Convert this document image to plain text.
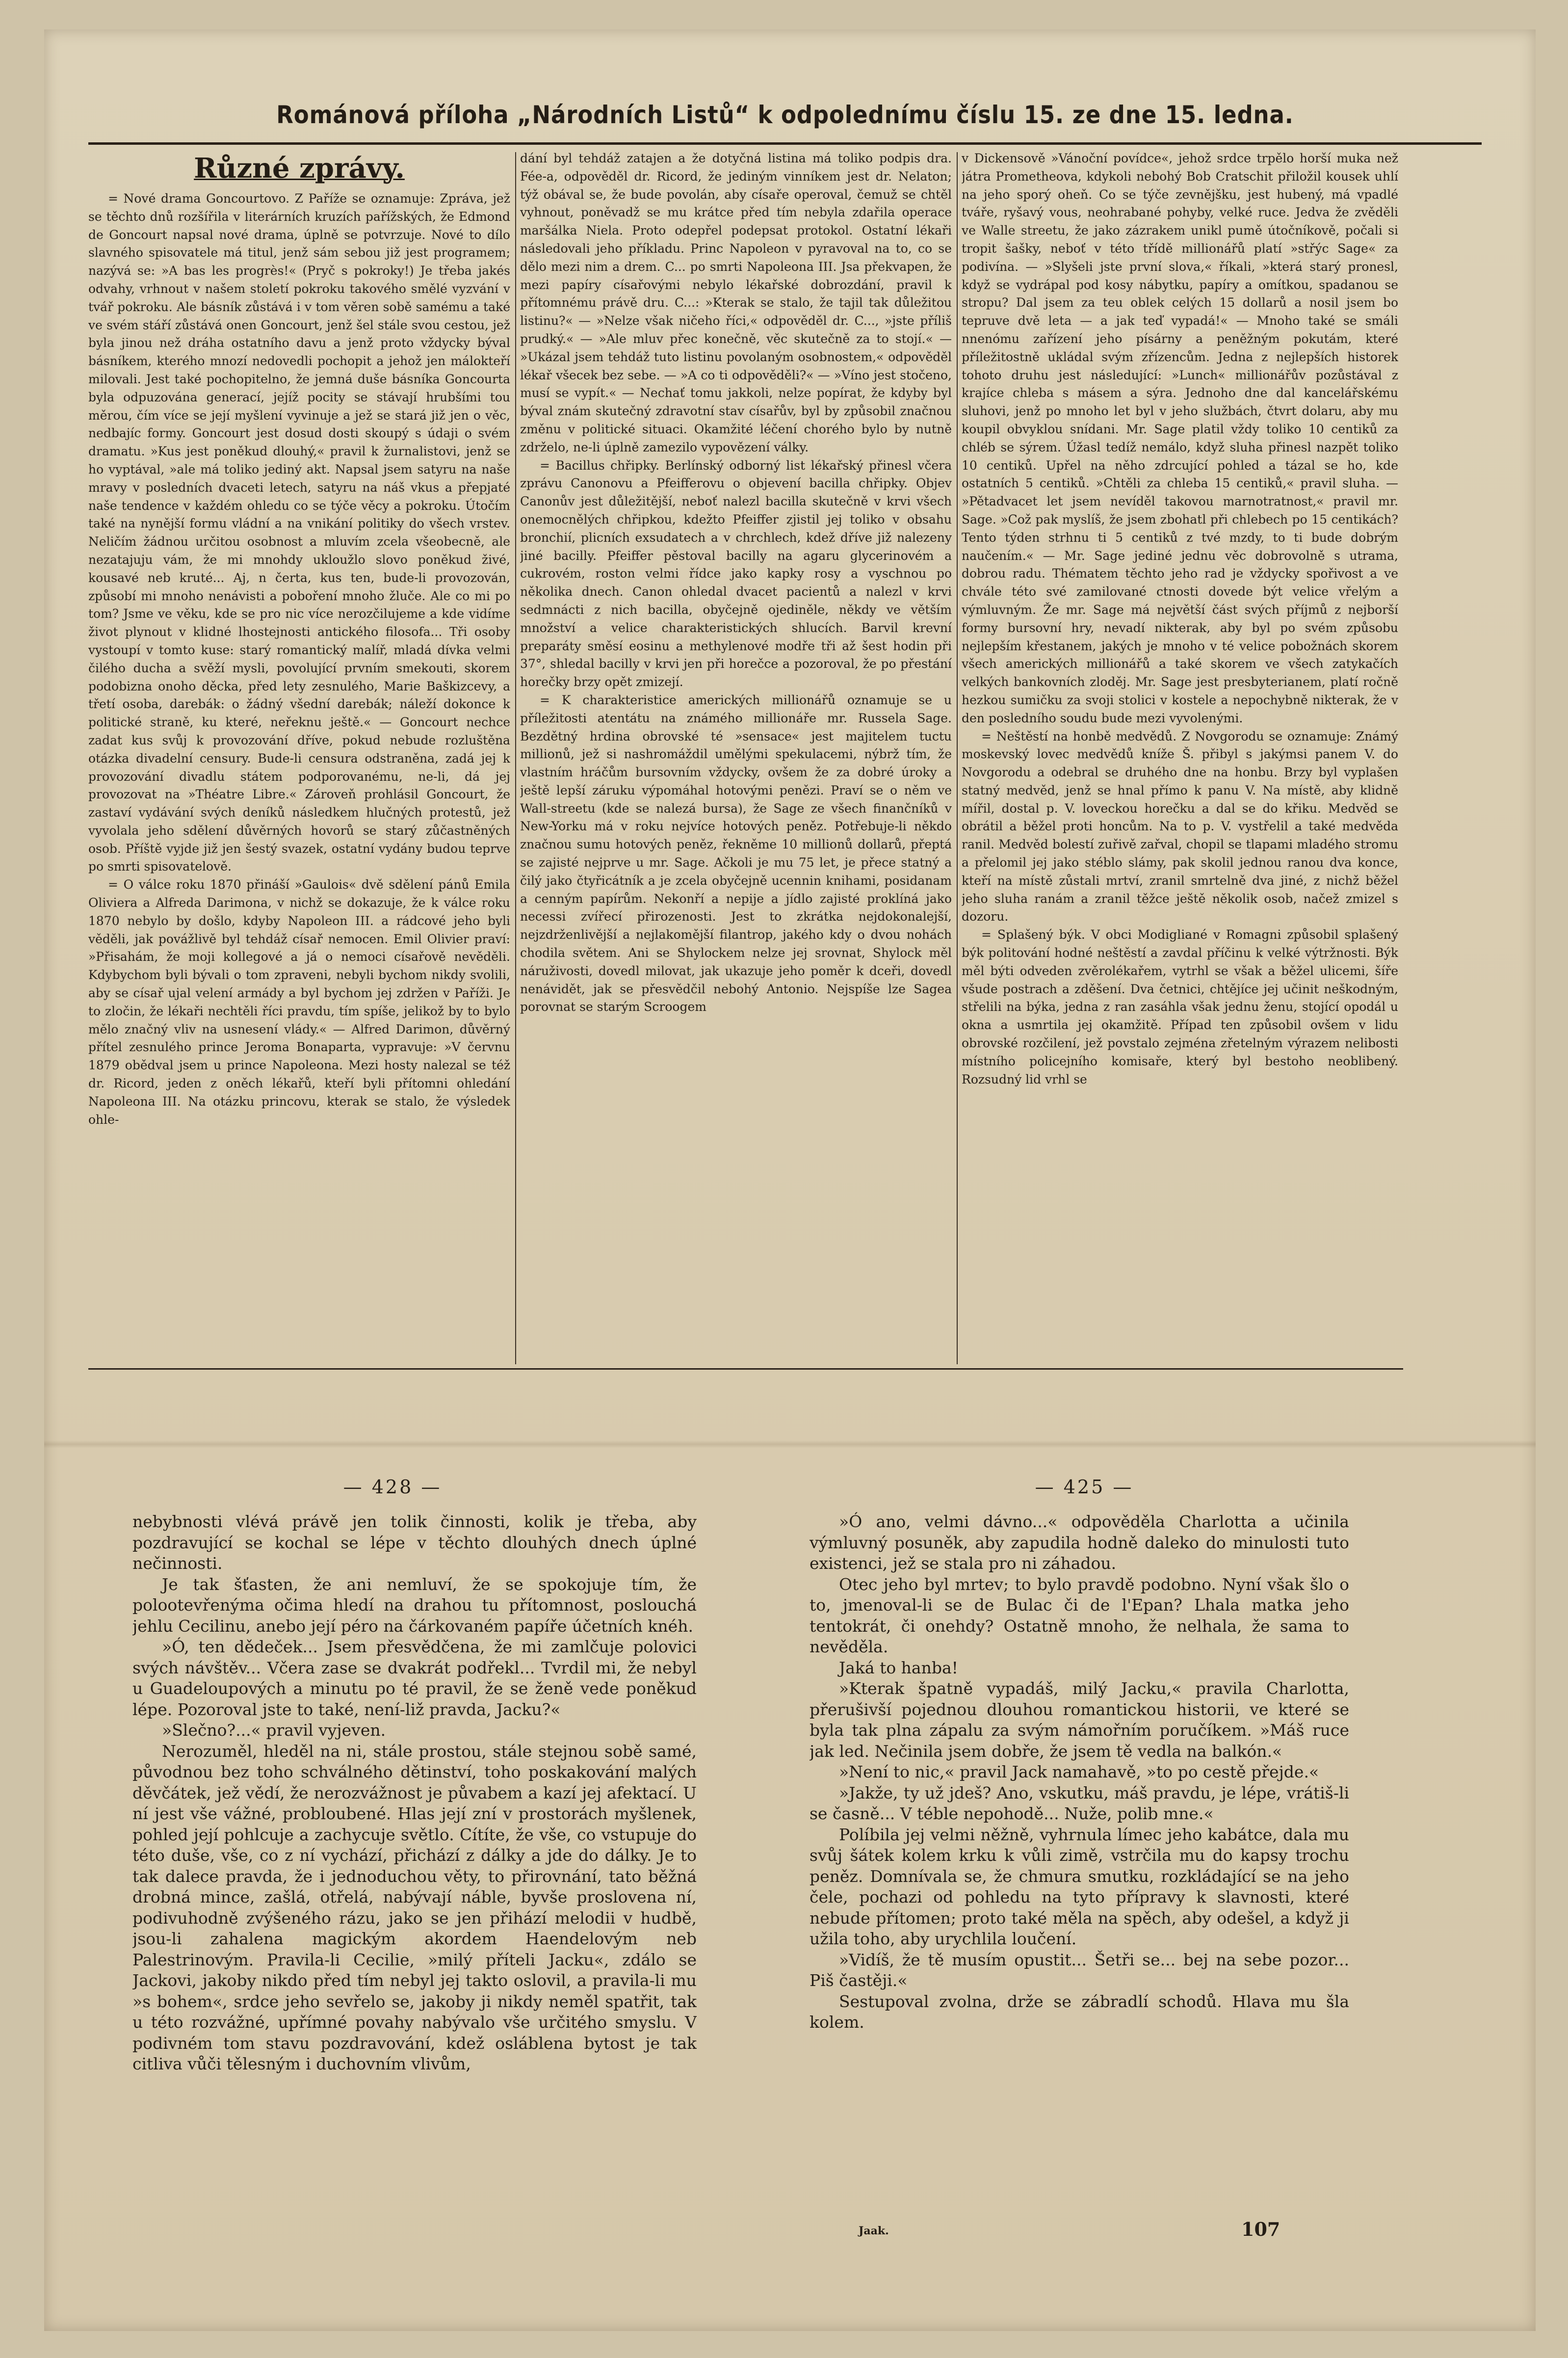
Románová příloha „Národních Listů“ k odpolednímu číslu 15. ze dne 15. ledna.
Různé zprávy.

= Nové drama Goncourtovo. Z Paříže se oznamuje: Zpráva, jež se těchto dnů rozšířila v literárních kruzích pařížských, že Edmond de Goncourt napsal nové drama, úplně se potvrzuje. Nové to dílo slavného spisovatele má titul, jenž sám sebou již jest programem; nazývá se: »A bas les progrès!« (Pryč s pokroky!) Je třeba jakés odvahy, vrhnout v našem století pokroku takového smělé vyzvání v tvář pokroku. Ale básník zůstává i v tom věren sobě samému a také ve svém stáří zůstává onen Goncourt, jenž šel stále svou cestou, jež byla jinou než dráha ostatního davu a jenž proto vždycky býval básníkem, kterého mnozí nedovedli pochopit a jehož jen málokteří milovali. Jest také pochopitelno, že jemná duše básníka Goncourta byla odpuzována generací, jejíž pocity se stávají hrubšími tou měrou, čím více se její myšlení vyvinuje a jež se stará již jen o věc, nedbajíc formy. Goncourt jest dosud dosti skoupý s údaji o svém dramatu. »Kus jest poněkud dlouhý,« pravil k žurnalistovi, jenž se ho vyptával, »ale má toliko jediný akt. Napsal jsem satyru na naše mravy v posledních dvaceti letech, satyru na náš vkus a přepjaté naše tendence v každém ohledu co se týče věcy a pokroku. Útočím také na nynější formu vládní a na vnikání politiky do všech vrstev. Neličím žádnou určitou osobnost a mluvím zcela všeobecně, ale nezatajuju vám, že mi mnohdy ukloužlo slovo poněkud živé, kousavé neb kruté... Aj, n čerta, kus ten, bude-li provozován, způsobí mi mnoho nenávisti a poboření mnoho žluče. Ale co mi po tom? Jsme ve věku, kde se pro nic více nerozčilujeme a kde vidíme život plynout v klidné lhostejnosti antického filosofa... Tři osoby vystoupí v tomto kuse: starý romantický malíř, mladá dívka velmi čilého ducha a svěží mysli, povolující prvním smekouti, skorem podobizna onoho děcka, před lety zesnulého, Marie Baškizcevy, a třetí osoba, darebák: o žádný všední darebák; náleží dokonce k politické straně, ku které, neřeknu ještě.« — Goncourt nechce zadat kus svůj k provozování dříve, pokud nebude rozluštěna otázka divadelní censury. Bude-li censura odstraněna, zadá jej k provozování divadlu státem podporovanému, ne-li, dá jej provozovat na »Théatre Libre.« Zároveň prohlásil Goncourt, že zastaví vydávání svých deníků následkem hlučných protestů, jež vyvolala jeho sdělení důvěrných hovorů se starý zůčastněných osob. Příště vyjde již jen šestý svazek, ostatní vydány budou teprve po smrti spisovatelově.

= O válce roku 1870 přináší »Gaulois« dvě sdělení pánů Emila Oliviera a Alfreda Darimona, v nichž se dokazuje, že k válce roku 1870 nebylo by došlo, kdyby Napoleon III. a rádcové jeho byli věděli, jak povážlivě byl tehdáž císař nemocen. Emil Olivier praví: »Přisahám, že moji kollegové a já o nemoci císařově nevěděli. Kdybychom byli bývali o tom zpraveni, nebyli bychom nikdy svolili, aby se císař ujal velení armády a byl bychom jej zdržen v Paříži. Je to zločin, že lékaři nechtěli říci pravdu, tím spíše, jelikož by to bylo mělo značný vliv na usnesení vlády.« — Alfred Darimon, důvěrný přítel zesnulého prince Jeroma Bonaparta, vypravuje: »V červnu 1879 obědval jsem u prince Napoleona. Mezi hosty nalezal se též dr. Ricord, jeden z oněch lékařů, kteří byli přítomni ohledání Napoleona III. Na otázku princovu, kterak se stalo, že výsledek ohle-

dání byl tehdáž zatajen a že dotyčná listina má toliko podpis dra. Fée-a, odpověděl dr. Ricord, že jediným vinníkem jest dr. Nelaton; týž obával se, že bude povolán, aby císaře operoval, čemuž se chtěl vyhnout, poněvadž se mu krátce před tím nebyla zdařila operace maršálka Niela. Proto odepřel podepsat protokol. Ostatní lékaři následovali jeho příkladu. Princ Napoleon v pyravoval na to, co se dělo mezi nim a drem. C... po smrti Napoleona III. Jsa překvapen, že mezi papíry císařovými nebylo lékařské dobrozdání, pravil k přítomnému právě dru. C...: »Kterak se stalo, že tajil tak důležitou listinu?« — »Nelze však ničeho říci,« odpověděl dr. C..., »jste příliš prudký.« — »Ale mluv přec konečně, věc skutečně za to stojí.« — »Ukázal jsem tehdáž tuto listinu povolaným osobnostem,« odpověděl lékař všecek bez sebe. — »A co ti odpověděli?« — »Víno jest stočeno, musí se vypít.« — Nechať tomu jakkoli, nelze popírat, že kdyby byl býval znám skutečný zdravotní stav císařův, byl by způsobil značnou změnu v politické situaci. Okamžité léčení chorého bylo by nutně zdrželo, ne-li úplně zamezilo vypovězení války.

= Bacillus chřipky. Berlínský odborný list lékařský přinesl včera zprávu Canonovu a Pfeifferovu o objevení bacilla chřipky. Objev Canonův jest důležitější, neboť nalezl bacilla skutečně v krvi všech onemocnělých chřipkou, kdežto Pfeiffer zjistil jej toliko v obsahu bronchií, plicních exsudatech a v chrchlech, kdež dříve již nalezeny jiné bacilly. Pfeiffer pěstoval bacilly na agaru glycerinovém a cukrovém, roston velmi řídce jako kapky rosy a vyschnou po několika dnech. Canon ohledal dvacet pacientů a nalezl v krvi sedmnácti z nich bacilla, obyčejně ojediněle, někdy ve větším množství a velice charakteristických shlucích. Barvil krevní preparáty směsí eosinu a methylenové modře tři až šest hodin při 37°, shledal bacilly v krvi jen při horečce a pozoroval, že po přestání horečky brzy opět zmizejí.

= K charakteristice amerických millionářů oznamuje se u příležitosti atentátu na známého millionáře mr. Russela Sage. Bezdětný hrdina obrovské té »sensace« jest majitelem tuctu millionů, jež si nashromáždil umělými spekulacemi, nýbrž tím, že vlastním hráčům bursovním vždycky, ovšem že za dobré úroky a ještě lepší záruku výpomáhal hotovými penězi. Praví se o něm ve Wall-streetu (kde se nalezá bursa), že Sage ze všech finančníků v New-Yorku má v roku nejvíce hotových peněz. Potřebuje-li někdo značnou sumu hotových peněz, řekněme 10 millionů dollarů, přeptá se zajisté nejprve u mr. Sage. Ačkoli je mu 75 let, je přece statný a čilý jako čtyřicátník a je zcela obyčejně ucennin knihami, posidanam a cenným papírům. Nekonří a nepije a jídlo zajisté proklíná jako necessi zvířecí přirozenosti. Jest to zkrátka nejdokonalejší, nejzdrženlivější a nejlakomější filantrop, jakého kdy o dvou nohách chodila světem. Ani se Shylockem nelze jej srovnat, Shylock měl náruživosti, dovedl milovat, jak ukazuje jeho poměr k dceři, dovedl nenávidět, jak se přesvědčil nebohý Antonio. Nejspíše lze Sagea porovnat se starým Scroogem

v Dickensově »Vánoční povídce«, jehož srdce trpělo horší muka než játra Prometheova, kdykoli nebohý Bob Cratschit přiložil kousek uhlí na jeho sporý oheň. Co se týče zevnějšku, jest hubený, má vpadlé tváře, ryšavý vous, neohrabané pohyby, velké ruce. Jedva že zvěděli ve Walle streetu, že jako zázrakem unikl pumě útočníkově, počali si tropit šašky, neboť v této třídě millionářů platí »střýc Sage« za podivína. — »Slyšeli jste první slova,« říkali, »která starý pronesl, když se vydrápal pod kosy nábytku, papíry a omítkou, spadanou se stropu? Dal jsem za teu oblek celých 15 dollarů a nosil jsem bo tepruve dvě leta — a jak teď vypadá!« — Mnoho také se smáli nnenómu zařízení jeho písárny a peněžným pokutám, které příležitostně ukládal svým zřízencům. Jedna z nejlepších historek tohoto druhu jest následující: »Lunch« millionářův pozůstával z krajíce chleba s másem a sýra. Jednoho dne dal kancelářskému sluhovi, jenž po mnoho let byl v jeho službách, čtvrt dolaru, aby mu koupil obvyklou snídani. Mr. Sage platil vždy toliko 10 centiků za chléb se sýrem. Úžasl tedíž nemálo, když sluha přinesl nazpět toliko 10 centiků. Upřel na něho zdrcující pohled a tázal se ho, kde ostatních 5 centiků. »Chtěli za chleba 15 centiků,« pravil sluha. — »Pětadvacet let jsem nevíděl takovou marnotratnost,« pravil mr. Sage. »Což pak myslíš, že jsem zbohatl při chlebech po 15 centikách? Tento týden strhnu ti 5 centiků z tvé mzdy, to ti bude dobrým naučením.« — Mr. Sage jediné jednu věc dobrovolně s utrama, dobrou radu. Thématem těchto jeho rad je vždycky spořivost a ve chvále této své zamilované ctnosti dovede být velice vřelým a výmluvným. Že mr. Sage má největší část svých příjmů z nejborší formy bursovní hry, nevadí nikterak, aby byl po svém způsobu nejlepším křestanem, jakých je mnoho v té velice pobožnách skorem všech amerických millionářů a také skorem ve všech zatykačích velkých bankovních zloděj. Mr. Sage jest presbyterianem, platí ročně hezkou sumičku za svoji stolici v kostele a nepochybně nikterak, že v den posledního soudu bude mezi vyvolenými.

= Neštěstí na honbě medvědů. Z Novgorodu se oznamuje: Známý moskevský lovec medvědů kníže Š. přibyl s jakýmsi panem V. do Novgorodu a odebral se druhého dne na honbu. Brzy byl vyplašen statný medvěd, jenž se hnal přímo k panu V. Na místě, aby klidně mířil, dostal p. V. loveckou horečku a dal se do křiku. Medvěd se obrátil a běžel proti honcům. Na to p. V. vystřelil a také medvěda ranil. Medvěd bolestí zuřivě zařval, chopil se tlapami mladého stromu a přelomil jej jako stéblo slámy, pak skolil jednou ranou dva konce, kteří na místě zůstali mrtví, zranil smrtelně dva jiné, z nichž běžel jeho sluha ranám a zranil těžce ještě několik osob, načež zmizel s dozoru.

= Splašený býk. V obci Modigliané v Romagni způsobil splašený býk politování hodné neštěstí a zavdal příčinu k velké výtržnosti. Býk měl býti odveden zvěrolékařem, vytrhl se však a běžel ulicemi, šíře všude postrach a zděšení. Dva četnici, chtějíce jej učinit neškodným, střelili na býka, jedna z ran zasáhla však jednu ženu, stojící opodál u okna a usmrtila jej okamžitě. Případ ten způsobil ovšem v lidu obrovské rozčilení, jež povstalo zejména zřetelným výrazem nelibosti místního policejního komisaře, který byl bestoho neoblibený. Rozsudný lid vrhl se

— 428 —	— 425 —

nebybnosti vlévá právě jen tolik činnosti, kolik je třeba, aby pozdravující se kochal se lépe v těchto dlouhých dnech úplné nečinnosti.

Je tak šťasten, že ani nemluví, že se spokojuje tím, že polootevřenýma očima hledí na drahou tu přítomnost, poslouchá jehlu Cecilinu, anebo její péro na čárkovaném papíře účetních knéh.

»Ó, ten dědeček... Jsem přesvědčena, že mi zamlčuje polovici svých návštěv... Včera zase se dvakrát podřekl... Tvrdil mi, že nebyl u Guadeloupových a minutu po té pravil, že se ženě vede poněkud lépe. Pozoroval jste to také, není-liž pravda, Jacku?«

»Slečno?...« pravil vyjeven.

Nerozuměl, hleděl na ni, stále prostou, stále stejnou sobě samé, původnou bez toho schválného dětinství, toho poskakování malých děvčátek, jež vědí, že nerozvážnost je půvabem a kazí jej afektací. U ní jest vše vážné, probloubené. Hlas její zní v prostorách myšlenek, pohled její pohlcuje a zachycuje světlo. Cítíte, že vše, co vstupuje do této duše, vše, co z ní vychází, přichází z dálky a jde do dálky. Je to tak dalece pravda, že i jednoduchou věty, to přirovnání, tato běžná drobná mince, zašlá, otřelá, nabývají náble, byvše proslovena ní, podivuhodně zvýšeného rázu, jako se jen přihází melodii v hudbě, jsou-li zahalena magickým akordem Haendelovým neb Palestrinovým. Pravila-li Cecilie, »milý příteli Jacku«, zdálo se Jackovi, jakoby nikdo před tím nebyl jej takto oslovil, a pravila-li mu »s bohem«, srdce jeho sevřelo se, jakoby ji nikdy neměl spatřit, tak u této rozvážné, upřímné povahy nabývalo vše určitého smyslu. V podivném tom stavu pozdravování, kdež osláblena bytost je tak citliva vůči tělesným i duchovním vlivům,

»Ó ano, velmi dávno...« odpověděla Charlotta a učinila výmluvný posuněk, aby zapudila hodně daleko do minulosti tuto existenci, jež se stala pro ni záhadou.

Otec jeho byl mrtev; to bylo pravdě podobno. Nyní však šlo o to, jmenoval-li se de Bulac či de l'Epan? Lhala matka jeho tentokrát, či onehdy? Ostatně mnoho, že nelhala, že sama to nevěděla.

Jaká to hanba!

»Kterak špatně vypadáš, milý Jacku,« pravila Charlotta, přerušivší pojednou dlouhou romantickou historii, ve které se byla tak plna zápalu za svým námořním poručíkem. »Máš ruce jak led. Nečinila jsem dobře, že jsem tě vedla na balkón.«

»Není to nic,« pravil Jack namahavě, »to po cestě přejde.«

»Jakže, ty už jdeš? Ano, vskutku, máš pravdu, je lépe, vrátiš-li se časně... V téble nepohodě... Nuže, polib mne.«

Políbila jej velmi něžně, vyhrnula límec jeho kabátce, dala mu svůj šátek kolem krku k vůli zimě, vstrčila mu do kapsy trochu peněz. Domnívala se, že chmura smutku, rozkládající se na jeho čele, pochazi od pohledu na tyto přípravy k slavnosti, které nebude přítomen; proto také měla na spěch, aby odešel, a když ji užila toho, aby urychlila loučení.

»Vidíš, že tě musím opustit... Šetři se... bej na sebe pozor... Piš častěji.«

Sestupoval zvolna, drže se zábradlí schodů. Hlava mu šla kolem.

Jaak.	107
